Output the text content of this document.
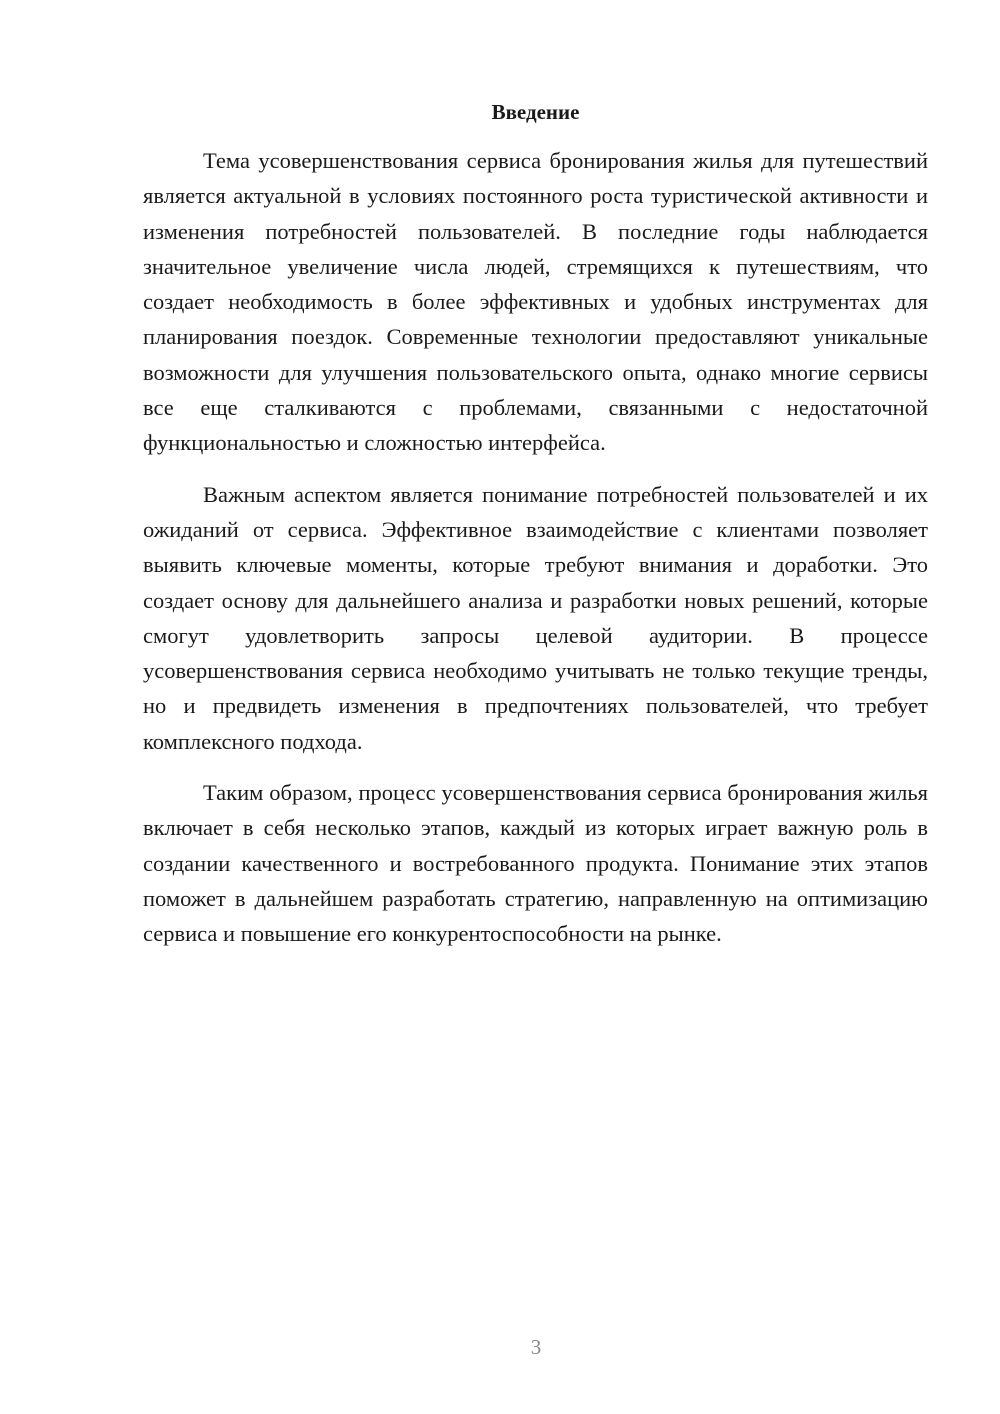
Введение

Тема усовершенствования сервиса бронирования жилья для путешествий является актуальной в условиях постоянного роста туристической активности и изменения потребностей пользователей. В последние годы наблюдается значительное увеличение числа людей, стремящихся к путешествиям, что создает необходимость в более эффективных и удобных инструментах для планирования поездок. Современные технологии предоставляют уникальные возможности для улучшения пользовательского опыта, однако многие сервисы все еще сталкиваются с проблемами, связанными с недостаточной функциональностью и сложностью интерфейса.

Важным аспектом является понимание потребностей пользователей и их ожиданий от сервиса. Эффективное взаимодействие с клиентами позволяет выявить ключевые моменты, которые требуют внимания и доработки. Это создает основу для дальнейшего анализа и разработки новых решений, которые смогут удовлетворить запросы целевой аудитории. В процессе усовершенствования сервиса необходимо учитывать не только текущие тренды, но и предвидеть изменения в предпочтениях пользователей, что требует комплексного подхода.

Таким образом, процесс усовершенствования сервиса бронирования жилья включает в себя несколько этапов, каждый из которых играет важную роль в создании качественного и востребованного продукта. Понимание этих этапов поможет в дальнейшем разработать стратегию, направленную на оптимизацию сервиса и повышение его конкурентоспособности на рынке.

3
